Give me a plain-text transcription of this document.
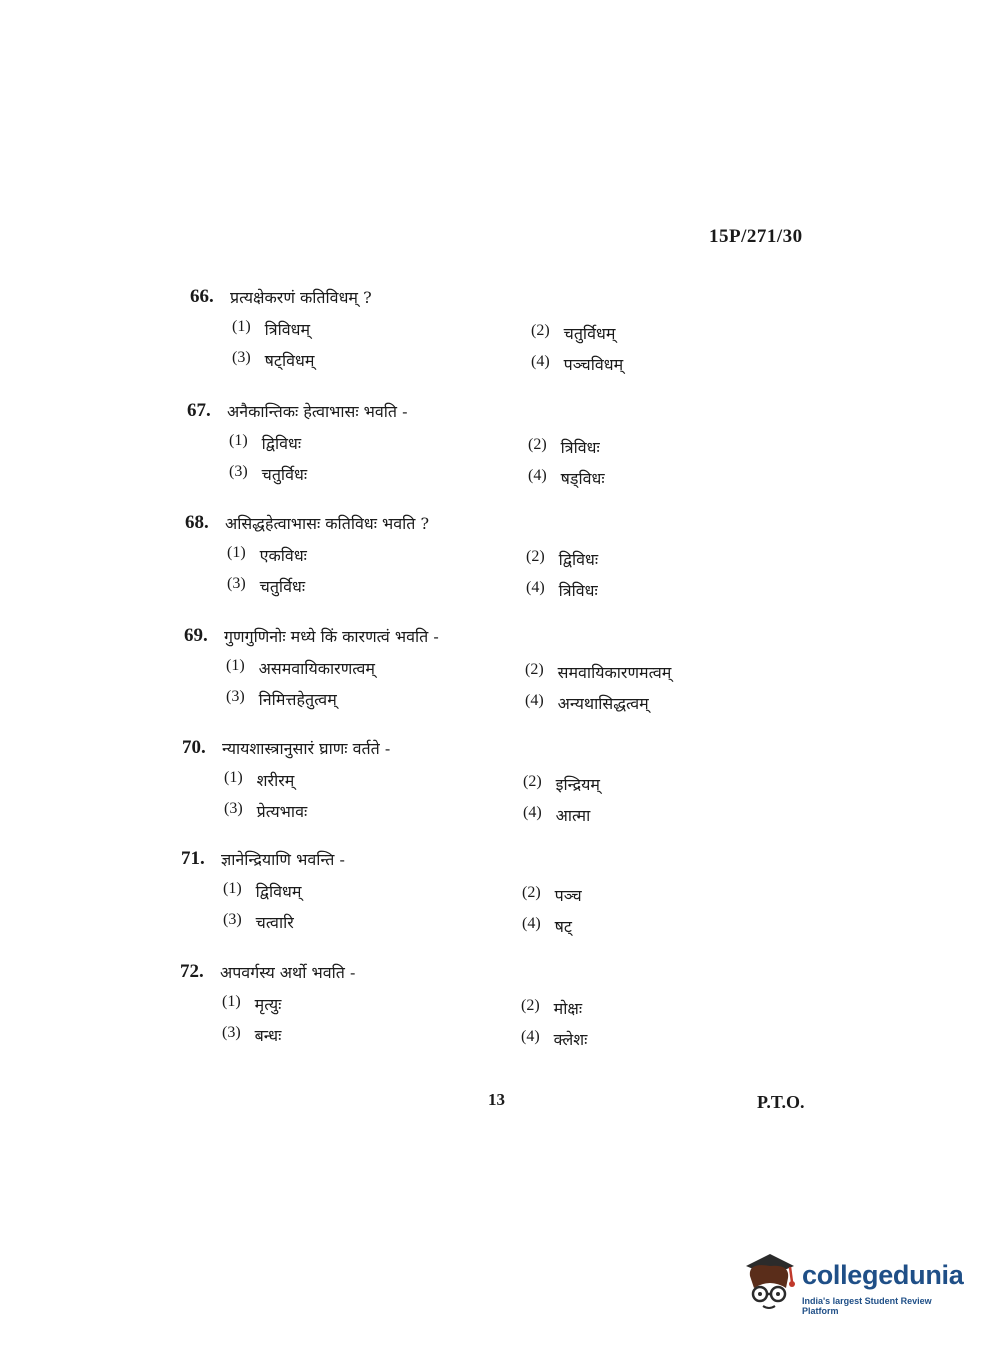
15P/271/30
66. प्रत्यक्षेकरणं कतिविधम् ?
(1) त्रिविधम्	(2) चतुर्विधम्
(3) षट्विधम्	(4) पञ्चविधम्
67. अनैकान्तिकः हेत्वाभासः भवति -
(1) द्विविधः	(2) त्रिविधः
(3) चतुर्विधः	(4) षड्विधः
68. असिद्धहेत्वाभासः कतिविधः भवति ?
(1) एकविधः	(2) द्विविधः
(3) चतुर्विधः	(4) त्रिविधः
69. गुणगुणिनोः मध्ये किं कारणत्वं भवति -
(1) असमवायिकारणत्वम्	(2) समवायिकारणमत्वम्
(3) निमित्तहेतुत्वम्	(4) अन्यथासिद्धत्वम्
70. न्यायशास्त्रानुसारं घ्राणः वर्तते -
(1) शरीरम्	(2) इन्द्रियम्
(3) प्रेत्यभावः	(4) आत्मा
71. ज्ञानेन्द्रियाणि भवन्ति -
(1) द्विविधम्	(2) पञ्च
(3) चत्वारि	(4) षट्
72. अपवर्गस्य अर्थो भवति -
(1) मृत्युः	(2) मोक्षः
(3) बन्धः	(4) क्लेशः
13	P.T.O.
collegedunia
India's largest Student Review Platform
